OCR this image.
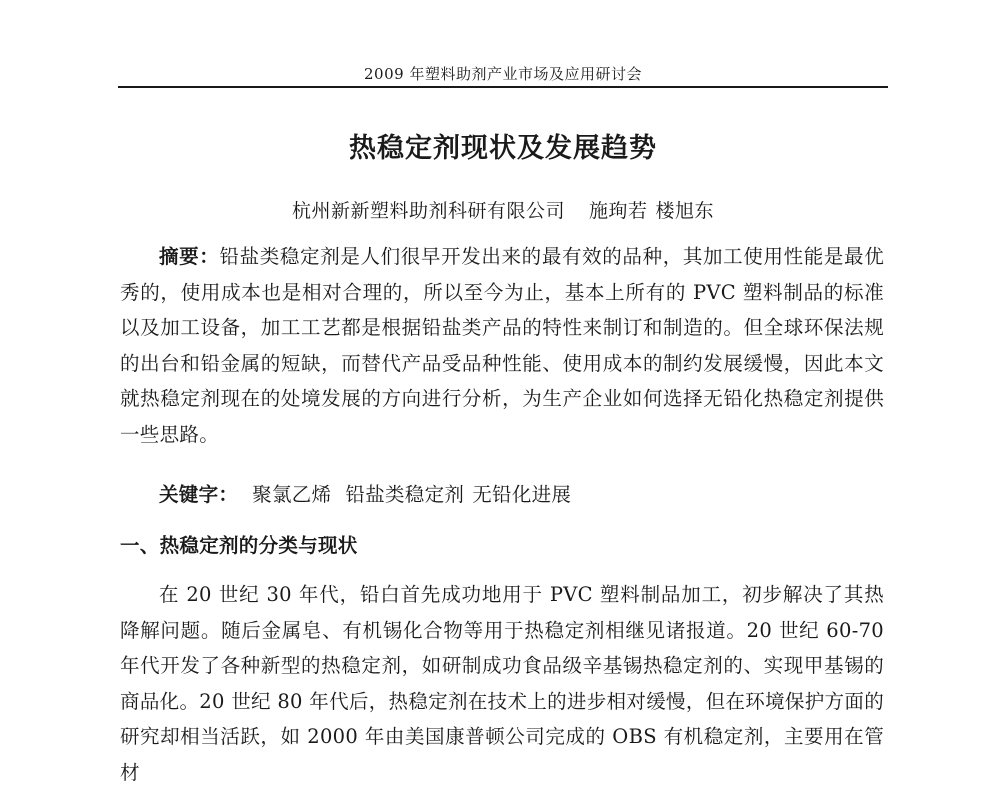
2009 年塑料助剂产业市场及应用研讨会
热稳定剂现状及发展趋势
杭州新新塑料助剂科研有限公司 施珣若 楼旭东
摘要：铅盐类稳定剂是人们很早开发出来的最有效的品种，其加工使用性能是最优秀的，使用成本也是相对合理的，所以至今为止，基本上所有的 PVC 塑料制品的标准以及加工设备，加工工艺都是根据铅盐类产品的特性来制订和制造的。但全球环保法规的出台和铅金属的短缺，而替代产品受品种性能、使用成本的制约发展缓慢，因此本文就热稳定剂现在的处境发展的方向进行分析，为生产企业如何选择无铅化热稳定剂提供一些思路。
关键字： 聚氯乙烯 铅盐类稳定剂 无铅化进展
一、热稳定剂的分类与现状
在 20 世纪 30 年代，铅白首先成功地用于 PVC 塑料制品加工，初步解决了其热降解问题。随后金属皂、有机锡化合物等用于热稳定剂相继见诸报道。20 世纪 60-70 年代开发了各种新型的热稳定剂，如研制成功食品级辛基锡热稳定剂的、实现甲基锡的商品化。20 世纪 80 年代后，热稳定剂在技术上的进步相对缓慢，但在环境保护方面的研究却相当活跃，如 2000 年由美国康普顿公司完成的 OBS 有机稳定剂，主要用在管材
